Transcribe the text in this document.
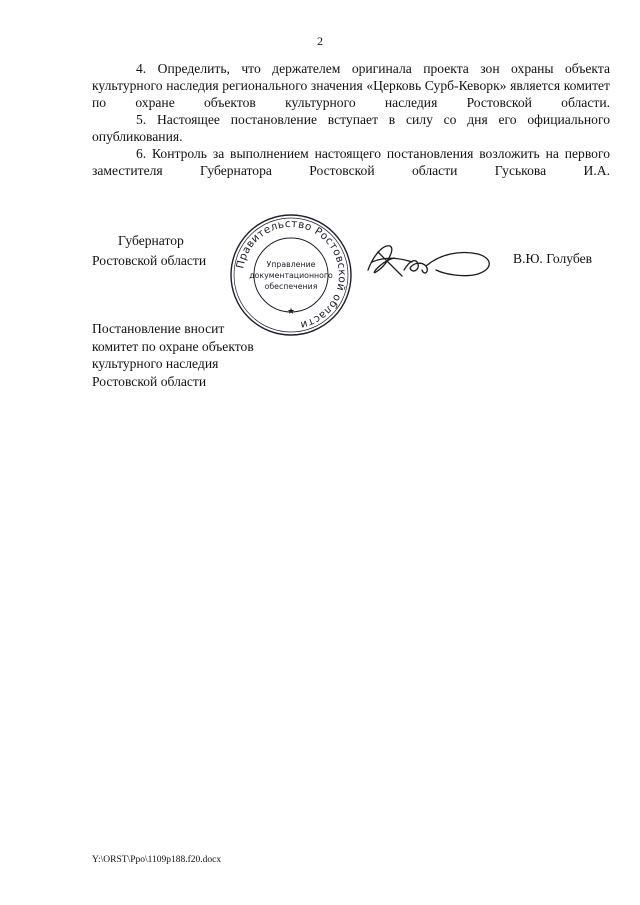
2

4. Определить, что держателем оригинала проекта зон охраны объекта культурного наследия регионального значения «Церковь Сурб-Кеворк» является комитет по охране объектов культурного наследия Ростовской области.

5. Настоящее постановление вступает в силу со дня его официального опубликования.

6. Контроль за выполнением настоящего постановления возложить на первого заместителя Губернатора Ростовской области Гуськова И.А.

Губернатор
Ростовской области	Правительство Ростовской области
★
Управление
документационного
обеспечения
В.Ю. Голубев
Постановление вносит
комитет по охране объектов
культурного наследия
Ростовской области
Y:\ORST\Ppo\1109p188.f20.docx
